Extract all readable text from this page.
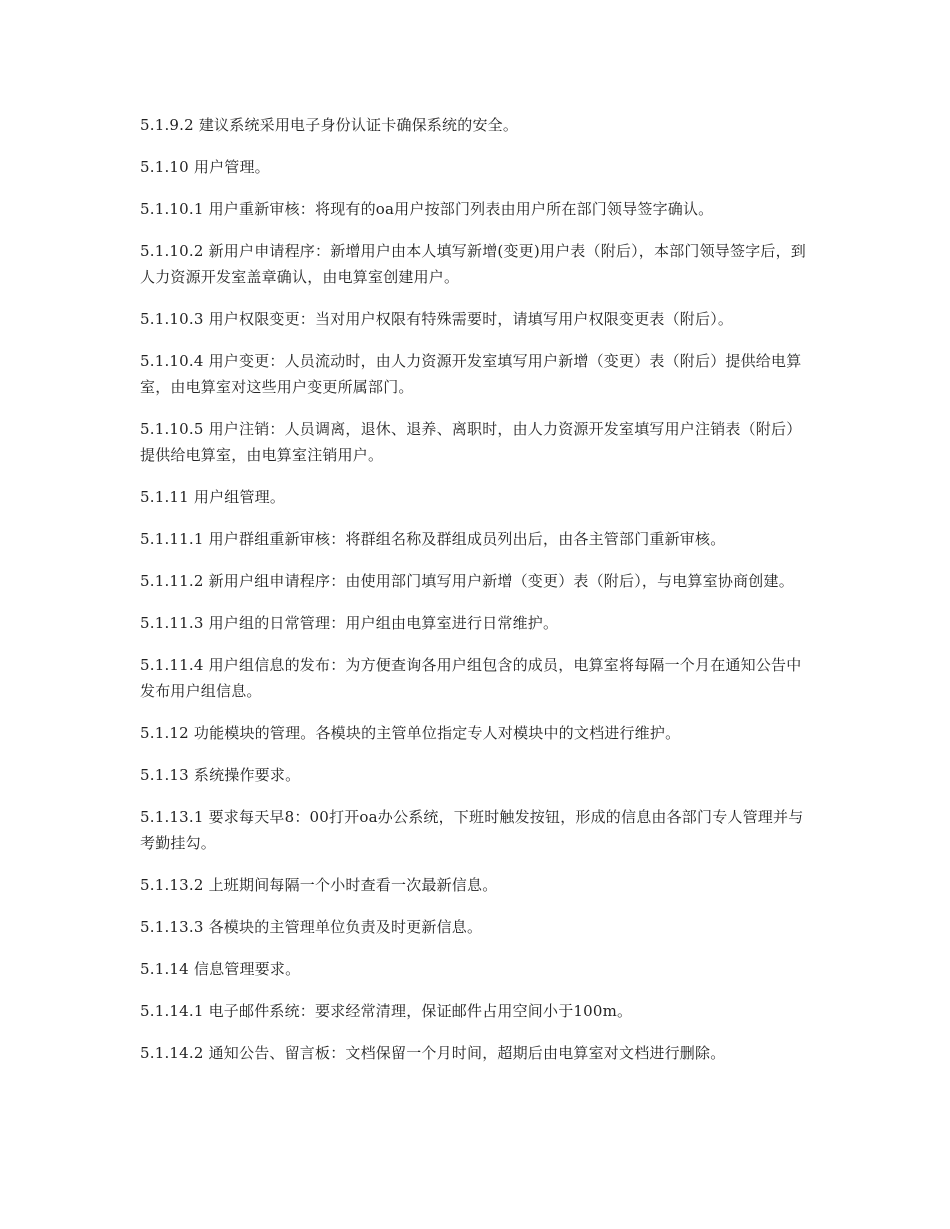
5.1.9.2 建议系统采用电子身份认证卡确保系统的安全。

5.1.10 用户管理。

5.1.10.1 用户重新审核：将现有的oa用户按部门列表由用户所在部门领导签字确认。

5.1.10.2 新用户申请程序：新增用户由本人填写新增(变更)用户表（附后），本部门领导签字后，到人力资源开发室盖章确认，由电算室创建用户。

5.1.10.3 用户权限变更：当对用户权限有特殊需要时，请填写用户权限变更表（附后）。

5.1.10.4 用户变更：人员流动时，由人力资源开发室填写用户新增（变更）表（附后）提供给电算室，由电算室对这些用户变更所属部门。

5.1.10.5 用户注销：人员调离，退休、退养、离职时，由人力资源开发室填写用户注销表（附后）提供给电算室，由电算室注销用户。

5.1.11 用户组管理。

5.1.11.1 用户群组重新审核：将群组名称及群组成员列出后，由各主管部门重新审核。

5.1.11.2 新用户组申请程序：由使用部门填写用户新增（变更）表（附后），与电算室协商创建。

5.1.11.3 用户组的日常管理：用户组由电算室进行日常维护。

5.1.11.4 用户组信息的发布：为方便查询各用户组包含的成员，电算室将每隔一个月在通知公告中发布用户组信息。

5.1.12 功能模块的管理。各模块的主管单位指定专人对模块中的文档进行维护。

5.1.13 系统操作要求。

5.1.13.1 要求每天早8：00打开oa办公系统，下班时触发按钮，形成的信息由各部门专人管理并与考勤挂勾。

5.1.13.2 上班期间每隔一个小时查看一次最新信息。

5.1.13.3 各模块的主管理单位负责及时更新信息。

5.1.14 信息管理要求。

5.1.14.1 电子邮件系统：要求经常清理，保证邮件占用空间小于100m。

5.1.14.2 通知公告、留言板：文档保留一个月时间，超期后由电算室对文档进行删除。
